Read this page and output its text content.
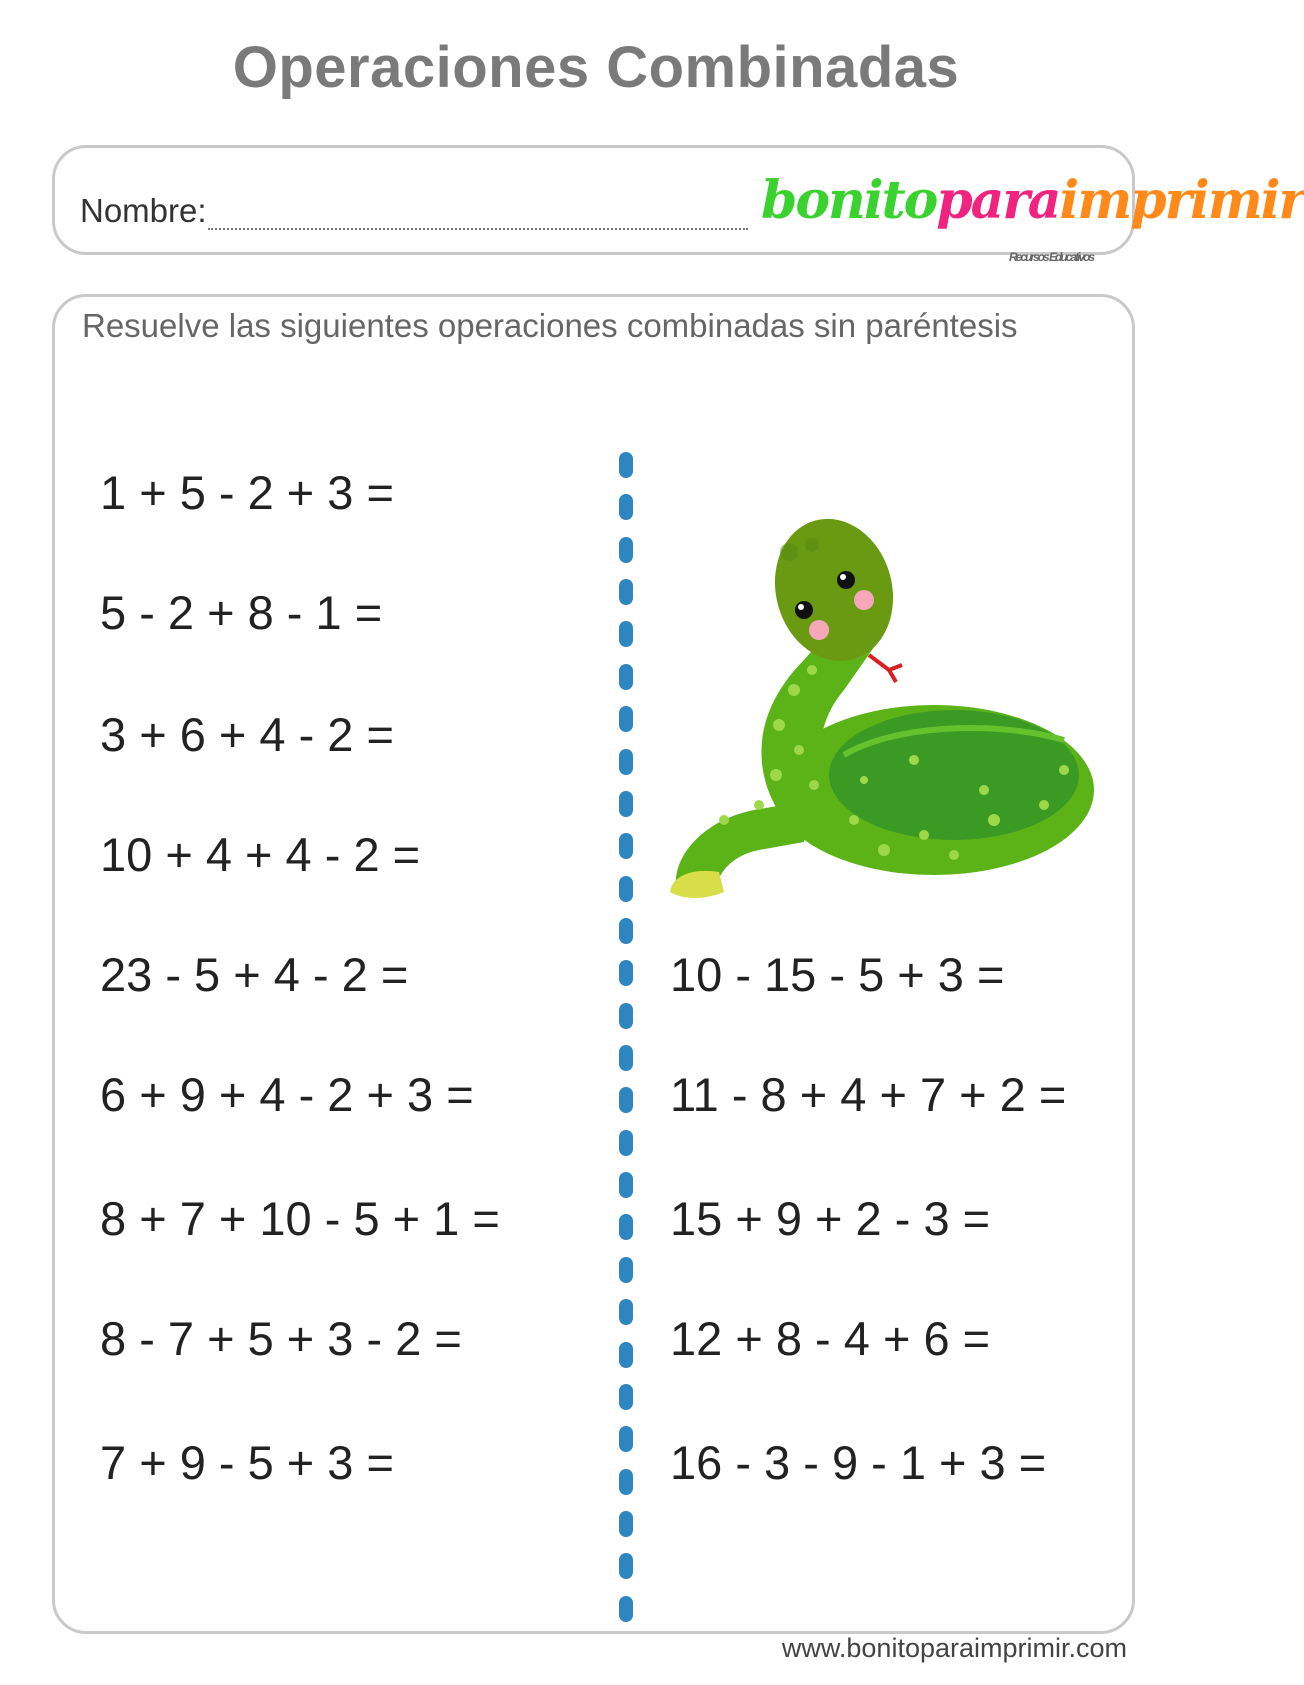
Operaciones Combinadas
Nombre:	bonitoparaimprimir
Recursos Educativos
Resuelve las siguientes operaciones combinadas sin paréntesis
1 + 5 - 2 + 3 =
5 - 2 + 8 - 1 =
3 + 6 + 4 - 2 =
10 + 4 + 4 - 2 =
23 - 5 + 4 - 2 =
6 + 9 + 4 - 2 + 3 =
8 + 7 + 10 - 5 + 1 =
8 - 7 + 5 + 3 - 2 =
7 + 9 - 5 + 3 =
10 - 15 - 5 + 3 =
11 - 8 + 4 + 7 + 2 =
15 + 9 + 2 - 3 =
12 + 8 - 4 + 6 =
16 - 3 - 9 - 1 + 3 =
www.bonitoparaimprimir.com
